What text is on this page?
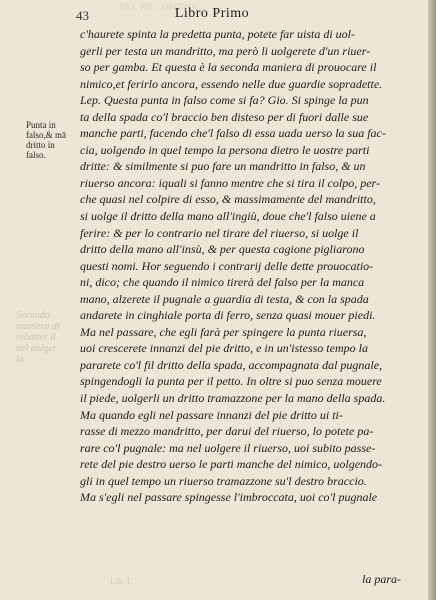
DEL PIE... DRITTO
Secondo
maniera di
rebatter il
nel uolger
la
43	Libro Primo
Punta in
falso,& mā
dritto in
falso.
c'haurete spinta la predetta punta, potete far uista di uol-
gerli per testa un mandritto, ma però li uolgerete d'un riuer-
so per gamba. Et questa è la seconda maniera di prouocare il
nimico,et ferirlo ancora, essendo nelle due guardie sopradette.
Lep. Questa punta in falso come si fa? Gio. Si spinge la pun
ta della spada co'l braccio ben disteso per di fuori dalle sue
manche parti, facendo che'l falso di essa uada uerso la sua fac-
cia, uolgendo in quel tempo la persona dietro le uostre parti
dritte: & similmente si puo fare un mandritto in falso, & un
riuerso ancora: iquali si fanno mentre che si tira il colpo, per-
che quasi nel colpire di esso, & massimamente del mandritto,
si uolge il dritto della mano all'ingiù, doue che'l falso uiene a
ferire: & per lo contrario nel tirare del riuerso, si uolge il
dritto della mano all'insù, & per questa cagione pigliarono
questi nomi. Hor seguendo i contrarij delle dette prouocatio-
ni, dico; che quando il nimico tirerà del falso per la manca
mano, alzerete il pugnale a guardia di testa, & con la spada
andarete in cinghiale porta di ferro, senza quasi mouer piedi.
Ma nel passare, che egli farà per spingere la punta riuersa,
uoi crescerete innanzi del pie dritto, e in un'istesso tempo la
pararete co'l fil dritto della spada, accompagnata dal pugnale,
spingendogli la punta per il petto. In oltre si puo senza mouere
il piede, uolgerli un dritto tramazzone per la mano della spada.
Ma quando egli nel passare innanzi del pie dritto ui ti-
rasse di mezzo mandritto, per darui del riuerso, lo potete pa-
rare co'l pugnale: ma nel uolgere il riuerso, uoi subito passe-
rete del pie destro uerso le parti manche del nimico, uolgendo-
gli in quel tempo un riuerso tramazzone su'l destro braccio.
Ma s'egli nel passare spingesse l'imbroccata, uoi co'l pugnale
Lib. I.	la para-
